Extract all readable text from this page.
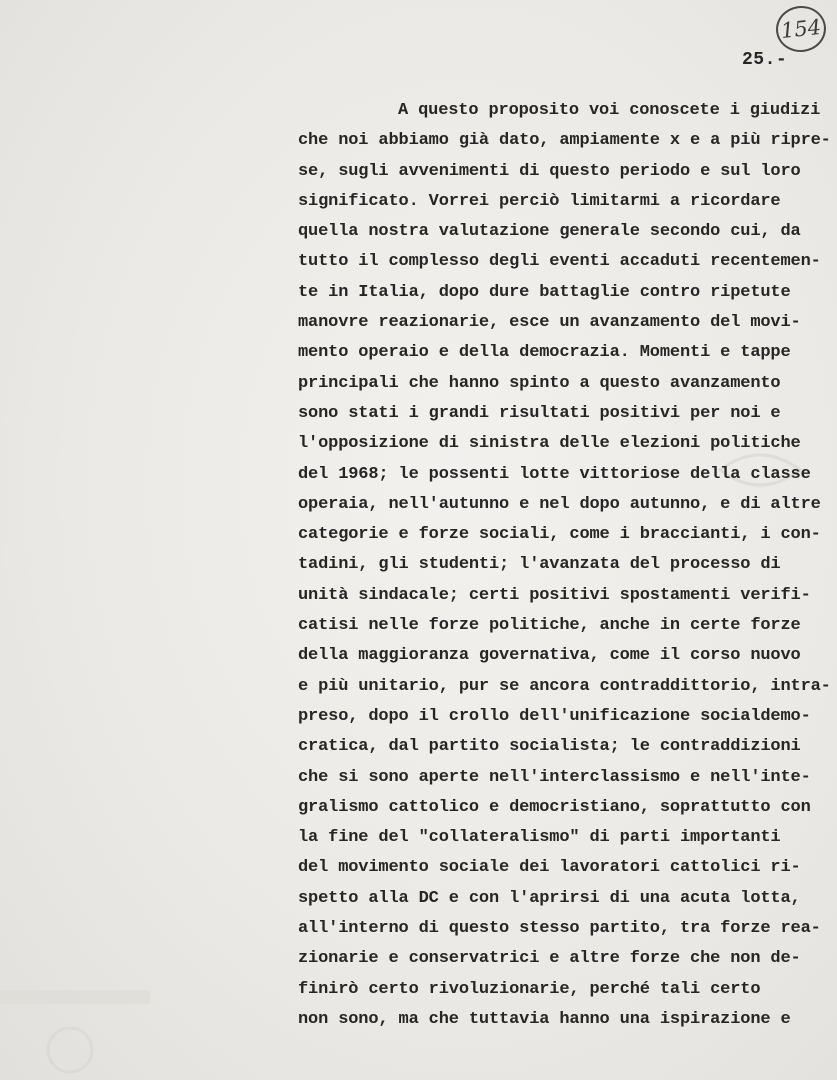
154
25.-
A questo proposito voi conoscete i giudizi
che noi abbiamo già dato, ampiamente x e a più ripre-
se, sugli avvenimenti di questo periodo e sul loro
significato. Vorrei perciò limitarmi a ricordare
quella nostra valutazione generale secondo cui, da
tutto il complesso degli eventi accaduti recentemen-
te in Italia, dopo dure battaglie contro ripetute
manovre reazionarie, esce un avanzamento del movi-
mento operaio e della democrazia. Momenti e tappe
principali che hanno spinto a questo avanzamento
sono stati i grandi risultati positivi per noi e
l'opposizione di sinistra delle elezioni politiche
del 1968; le possenti lotte vittoriose della classe
operaia, nell'autunno e nel dopo autunno, e di altre
categorie e forze sociali, come i braccianti, i con-
tadini, gli studenti; l'avanzata del processo di
unità sindacale; certi positivi spostamenti verifi-
catisi nelle forze politiche, anche in certe forze
della maggioranza governativa, come il corso nuovo
e più unitario, pur se ancora contraddittorio, intra-
preso, dopo il crollo dell'unificazione socialdemo-
cratica, dal partito socialista; le contraddizioni
che si sono aperte nell'interclassismo e nell'inte-
gralismo cattolico e democristiano, soprattutto con
la fine del "collateralismo" di parti importanti
del movimento sociale dei lavoratori cattolici ri-
spetto alla DC e con l'aprirsi di una acuta lotta,
all'interno di questo stesso partito, tra forze rea-
zionarie e conservatrici e altre forze che non de-
finirò certo rivoluzionarie, perché tali certo
non sono, ma che tuttavia hanno una ispirazione e
